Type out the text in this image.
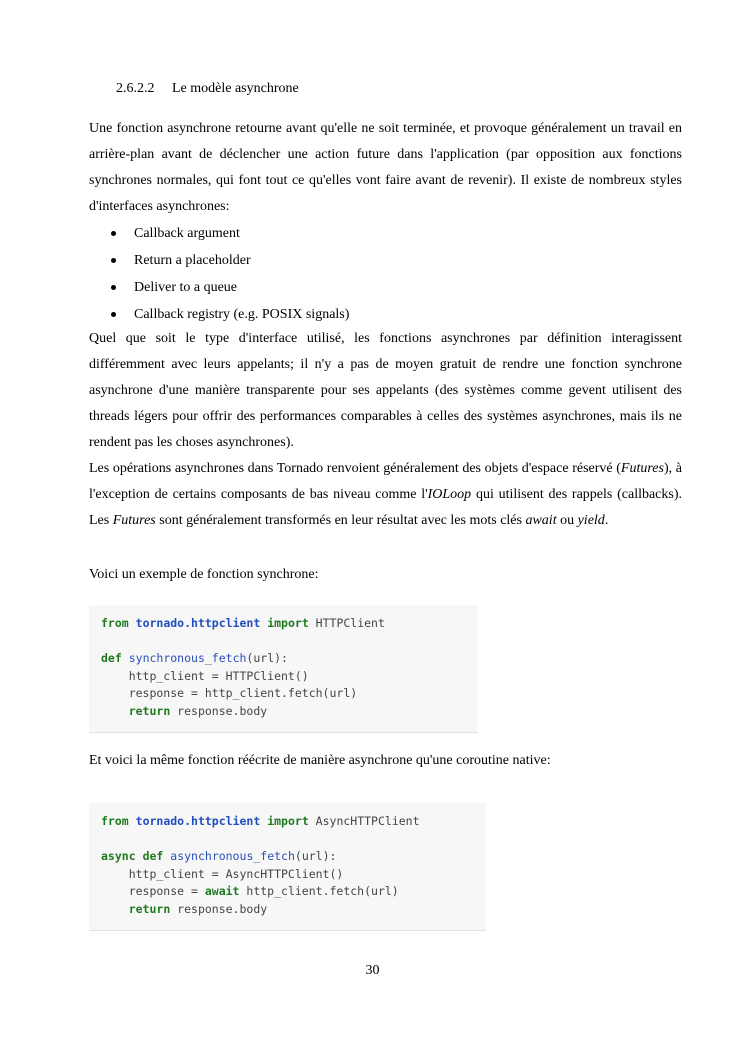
2.6.2.2 Le modèle asynchrone

Une fonction asynchrone retourne avant qu'elle ne soit terminée, et provoque généralement un travail en arrière-plan avant de déclencher une action future dans l'application (par opposition aux fonctions synchrones normales, qui font tout ce qu'elles vont faire avant de revenir). Il existe de nombreux styles d'interfaces asynchrones:

Callback argument
Return a placeholder
Deliver to a queue
Callback registry (e.g. POSIX signals)

Quel que soit le type d'interface utilisé, les fonctions asynchrones par définition interagissent différemment avec leurs appelants; il n'y a pas de moyen gratuit de rendre une fonction synchrone asynchrone d'une manière transparente pour ses appelants (des systèmes comme gevent utilisent des threads légers pour offrir des performances comparables à celles des systèmes asynchrones, mais ils ne rendent pas les choses asynchrones).

Les opérations asynchrones dans Tornado renvoient généralement des objets d'espace réservé (Futures), à l'exception de certains composants de bas niveau comme l'IOLoop qui utilisent des rappels (callbacks). Les Futures sont généralement transformés en leur résultat avec les mots clés await ou yield.

Voici un exemple de fonction synchrone:

from tornado.httpclient import HTTPClient
def synchronous_fetch(url):
http_client = HTTPClient()
response = http_client.fetch(url)
return response.body

Et voici la même fonction réécrite de manière asynchrone qu'une coroutine native:

from tornado.httpclient import AsyncHTTPClient
async def asynchronous_fetch(url):
http_client = AsyncHTTPClient()
response = await http_client.fetch(url)
return response.body
30
